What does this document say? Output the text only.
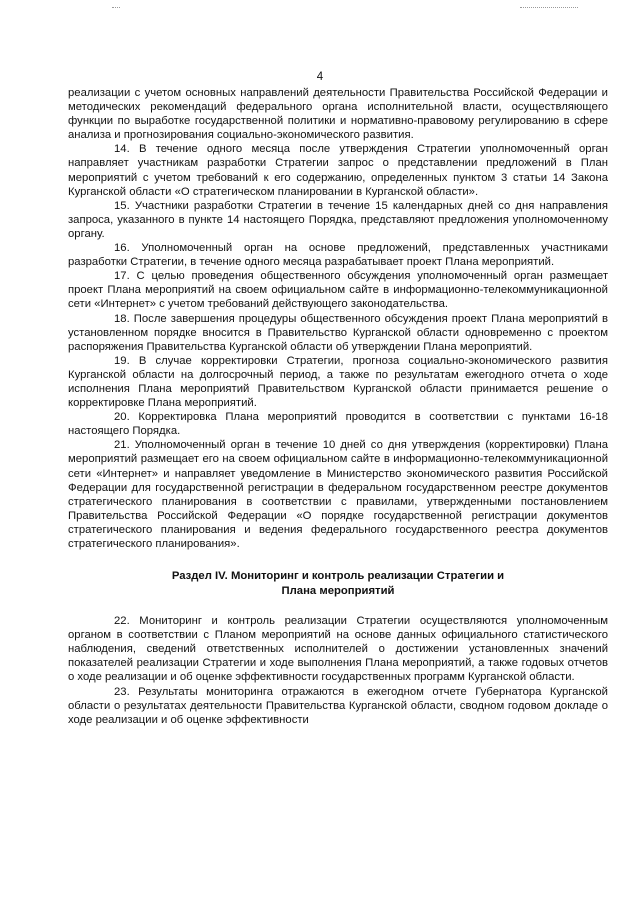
4

реализации с учетом основных направлений деятельности Правительства Российской Федерации и методических рекомендаций федерального органа исполнительной власти, осуществляющего функции по выработке государственной политики и нормативно-правовому регулированию в сфере анализа и прогнозирования социально-экономического развития.

14. В течение одного месяца после утверждения Стратегии уполномоченный орган направляет участникам разработки Стратегии запрос о представлении предложений в План мероприятий с учетом требований к его содержанию, определенных пунктом 3 статьи 14 Закона Курганской области «О стратегическом планировании в Курганской области».

15. Участники разработки Стратегии в течение 15 календарных дней со дня направления запроса, указанного в пункте 14 настоящего Порядка, представляют предложения уполномоченному органу.

16. Уполномоченный орган на основе предложений, представленных участниками разработки Стратегии, в течение одного месяца разрабатывает проект Плана мероприятий.

17. С целью проведения общественного обсуждения уполномоченный орган размещает проект Плана мероприятий на своем официальном сайте в информационно-телекоммуникационной сети «Интернет» с учетом требований действующего законодательства.

18. После завершения процедуры общественного обсуждения проект Плана мероприятий в установленном порядке вносится в Правительство Курганской области одновременно с проектом распоряжения Правительства Курганской области об утверждении Плана мероприятий.

19. В случае корректировки Стратегии, прогноза социально-экономического развития Курганской области на долгосрочный период, а также по результатам ежегодного отчета о ходе исполнения Плана мероприятий Правительством Курганской области принимается решение о корректировке Плана мероприятий.

20. Корректировка Плана мероприятий проводится в соответствии с пунктами 16-18 настоящего Порядка.

21. Уполномоченный орган в течение 10 дней со дня утверждения (корректировки) Плана мероприятий размещает его на своем официальном сайте в информационно-телекоммуникационной сети «Интернет» и направляет уведомление в Министерство экономического развития Российской Федерации для государственной регистрации в федеральном государственном реестре документов стратегического планирования в соответствии с правилами, утвержденными постановлением Правительства Российской Федерации «О порядке государственной регистрации документов стратегического планирования и ведения федерального государственного реестра документов стратегического планирования».

Раздел IV. Мониторинг и контроль реализации Стратегии и
Плана мероприятий

22. Мониторинг и контроль реализации Стратегии осуществляются уполномоченным органом в соответствии с Планом мероприятий на основе данных официального статистического наблюдения, сведений ответственных исполнителей о достижении установленных значений показателей реализации Стратегии и ходе выполнения Плана мероприятий, а также годовых отчетов о ходе реализации и об оценке эффективности государственных программ Курганской области.

23. Результаты мониторинга отражаются в ежегодном отчете Губернатора Курганской области о результатах деятельности Правительства Курганской области, сводном годовом докладе о ходе реализации и об оценке эффективности
